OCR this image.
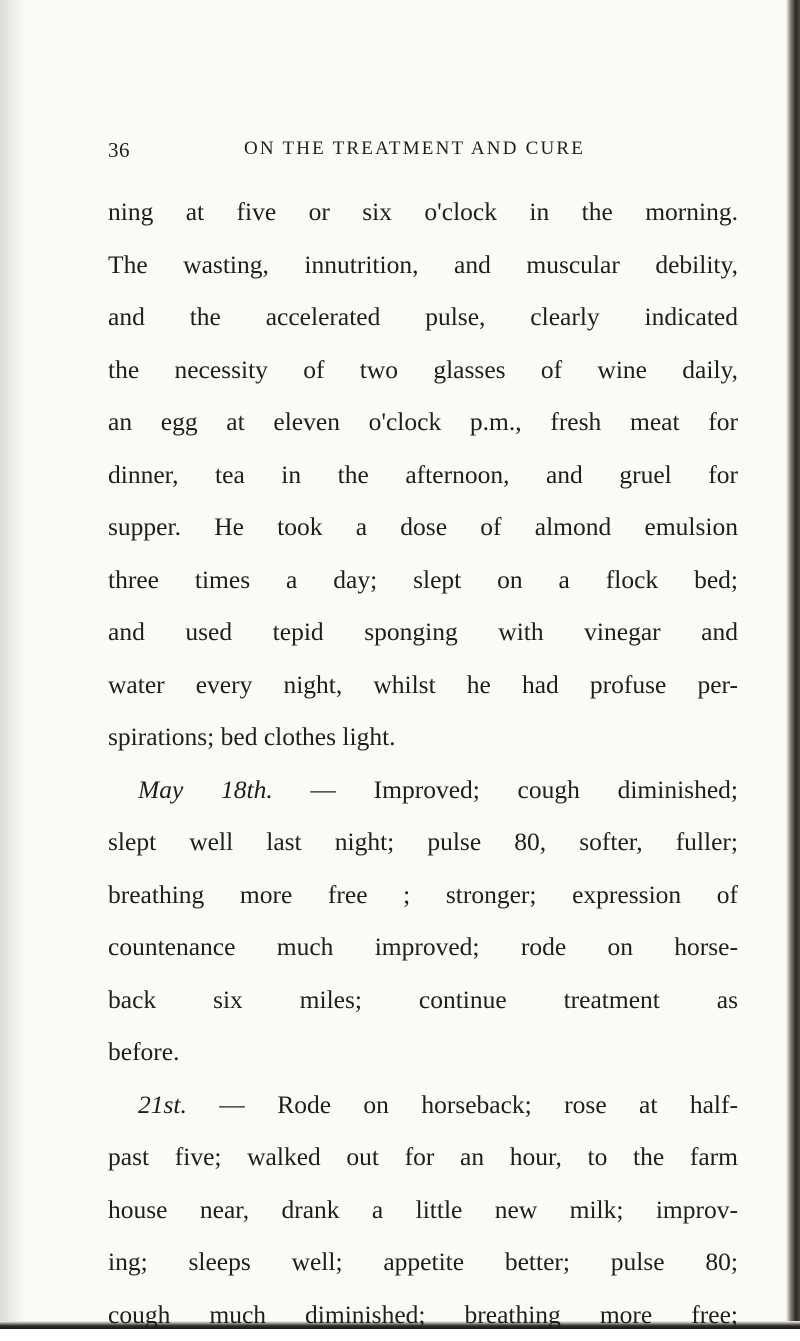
36	ON THE TREATMENT AND CURE
ning at five or six o'clock in the morning.
The wasting, innutrition, and muscular debility,
and the accelerated pulse, clearly indicated
the necessity of two glasses of wine daily,
an egg at eleven o'clock p.m., fresh meat for
dinner, tea in the afternoon, and gruel for
supper. He took a dose of almond emulsion
three times a day; slept on a flock bed;
and used tepid sponging with vinegar and
water every night, whilst he had profuse per-
spirations; bed clothes light.
May 18th. — Improved; cough diminished;
slept well last night; pulse 80, softer, fuller;
breathing more free ; stronger; expression of
countenance much improved; rode on horse-
back six miles; continue treatment as
before.
21st. — Rode on horseback; rose at half-
past five; walked out for an hour, to the farm
house near, drank a little new milk; improv-
ing; sleeps well; appetite better; pulse 80;
cough much diminished; breathing more free;
